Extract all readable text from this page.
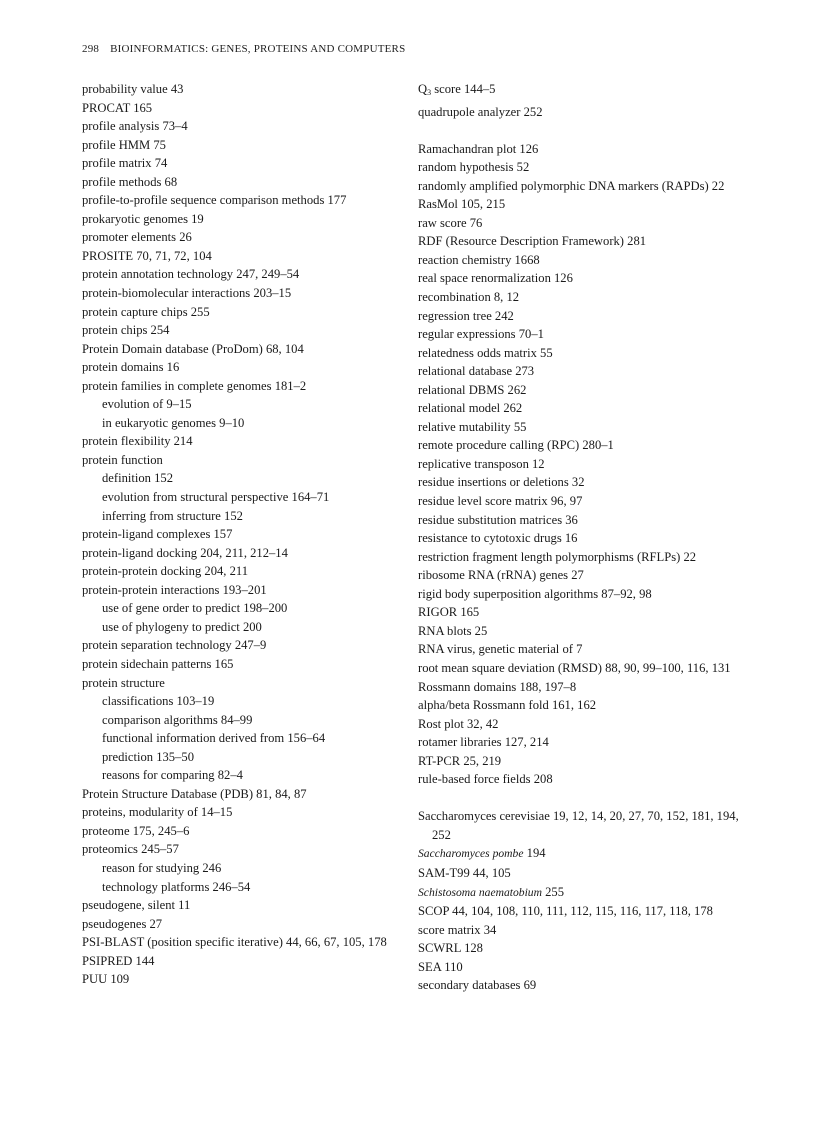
298 BIOINFORMATICS: GENES, PROTEINS AND COMPUTERS
probability value 43
PROCAT 165
profile analysis 73–4
profile HMM 75
profile matrix 74
profile methods 68
profile-to-profile sequence comparison methods 177
prokaryotic genomes 19
promoter elements 26
PROSITE 70, 71, 72, 104
protein annotation technology 247, 249–54
protein-biomolecular interactions 203–15
protein capture chips 255
protein chips 254
Protein Domain database (ProDom) 68, 104
protein domains 16
protein families in complete genomes 181–2
evolution of 9–15
in eukaryotic genomes 9–10
protein flexibility 214
protein function
definition 152
evolution from structural perspective 164–71
inferring from structure 152
protein-ligand complexes 157
protein-ligand docking 204, 211, 212–14
protein-protein docking 204, 211
protein-protein interactions 193–201
use of gene order to predict 198–200
use of phylogeny to predict 200
protein separation technology 247–9
protein sidechain patterns 165
protein structure
classifications 103–19
comparison algorithms 84–99
functional information derived from 156–64
prediction 135–50
reasons for comparing 82–4
Protein Structure Database (PDB) 81, 84, 87
proteins, modularity of 14–15
proteome 175, 245–6
proteomics 245–57
reason for studying 246
technology platforms 246–54
pseudogene, silent 11
pseudogenes 27
PSI-BLAST (position specific iterative) 44, 66, 67, 105, 178
PSIPRED 144
PUU 109
$Q_3$ score 144–5
quadrupole analyzer 252
Ramachandran plot 126
random hypothesis 52
randomly amplified polymorphic DNA markers (RAPDs) 22
RasMol 105, 215
raw score 76
RDF (Resource Description Framework) 281
reaction chemistry 1668
real space renormalization 126
recombination 8, 12
regression tree 242
regular expressions 70–1
relatedness odds matrix 55
relational database 273
relational DBMS 262
relational model 262
relative mutability 55
remote procedure calling (RPC) 280–1
replicative transposon 12
residue insertions or deletions 32
residue level score matrix 96, 97
residue substitution matrices 36
resistance to cytotoxic drugs 16
restriction fragment length polymorphisms (RFLPs) 22
ribosome RNA (rRNA) genes 27
rigid body superposition algorithms 87–92, 98
RIGOR 165
RNA blots 25
RNA virus, genetic material of 7
root mean square deviation (RMSD) 88, 90, 99–100, 116, 131
Rossmann domains 188, 197–8
alpha/beta Rossmann fold 161, 162
Rost plot 32, 42
rotamer libraries 127, 214
RT-PCR 25, 219
rule-based force fields 208
Saccharomyces cerevisiae 19, 12, 14, 20, 27, 70, 152, 181, 194,
252
Saccharomyces pombe 194
SAM-T99 44, 105
Schistosoma naematobium 255
SCOP 44, 104, 108, 110, 111, 112, 115, 116, 117, 118, 178
score matrix 34
SCWRL 128
SEA 110
secondary databases 69
